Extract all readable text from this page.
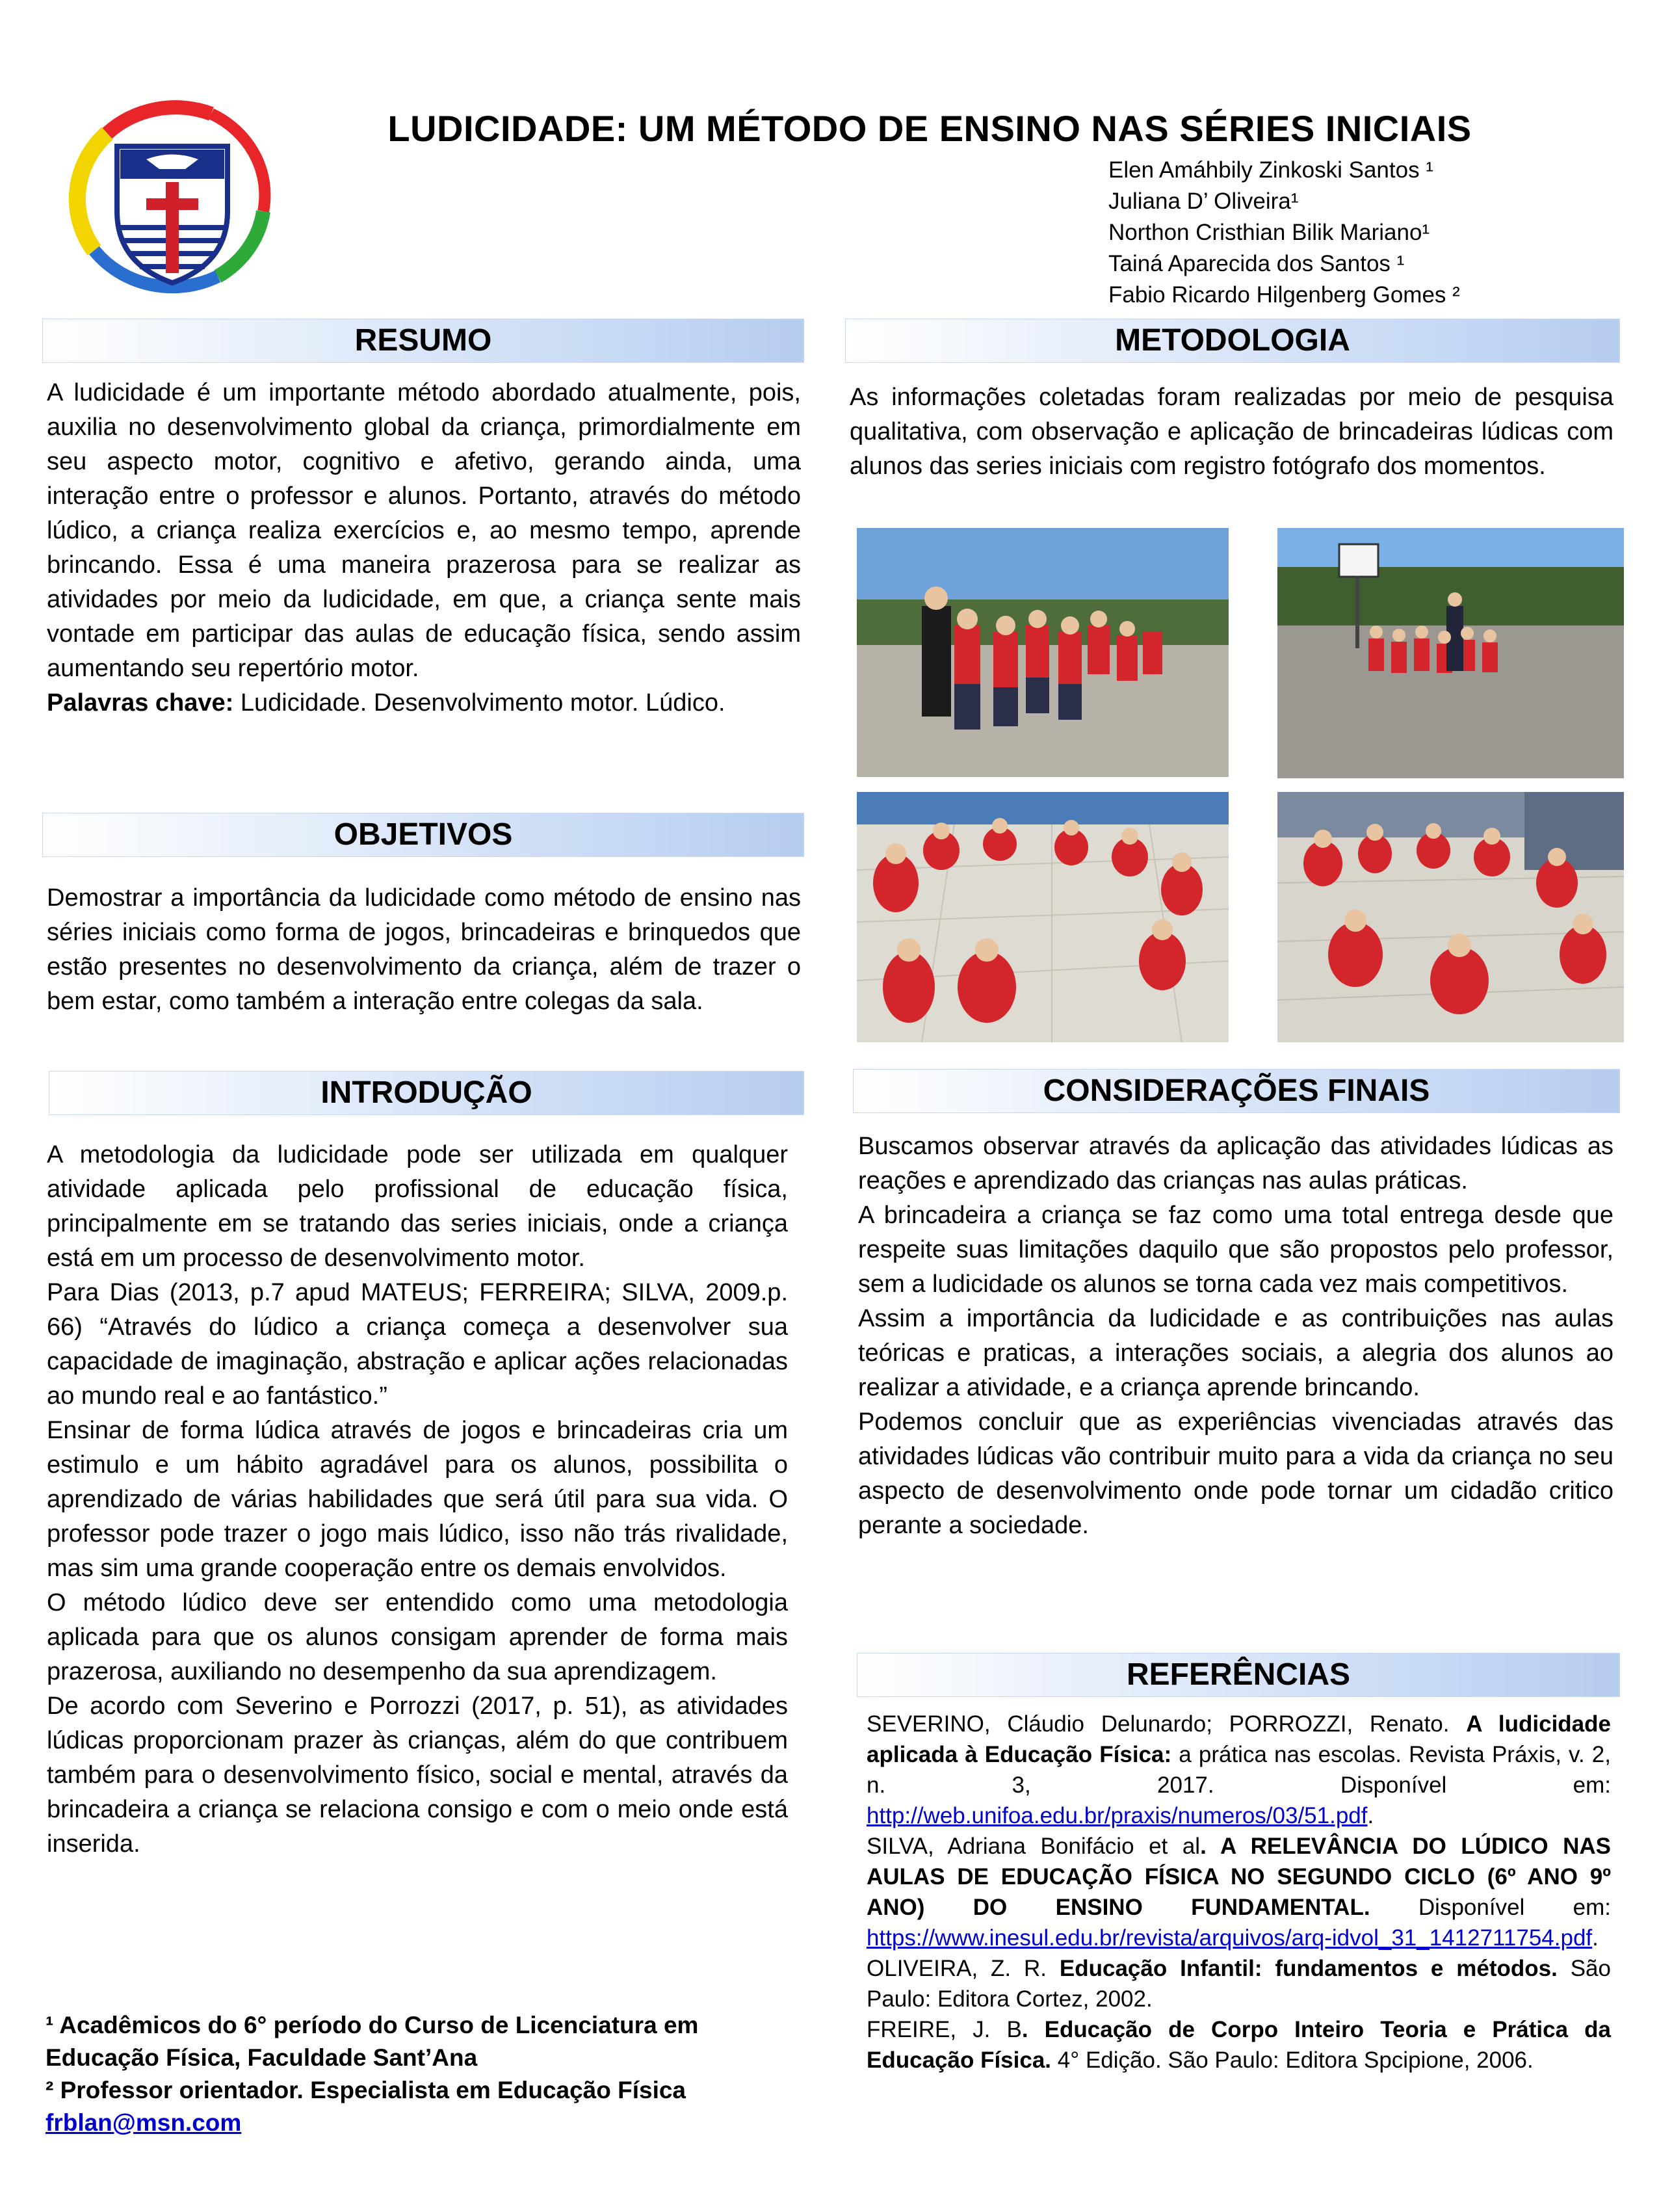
LUDICIDADE: UM MÉTODO DE ENSINO NAS SÉRIES INICIAIS
Elen Amáhbily Zinkoski Santos ¹
Juliana D’ Oliveira¹
Northon Cristhian Bilik Mariano¹
Tainá Aparecida dos Santos ¹
Fabio Ricardo Hilgenberg Gomes ²
RESUMO

A ludicidade é um importante método abordado atualmente, pois, auxilia no desenvolvimento global da criança, primordialmente em seu aspecto motor, cognitivo e afetivo, gerando ainda, uma interação entre o professor e alunos. Portanto, através do método lúdico, a criança realiza exercícios e, ao mesmo tempo, aprende brincando. Essa é uma maneira prazerosa para se realizar as atividades por meio da ludicidade, em que, a criança sente mais vontade em participar das aulas de educação física, sendo assim aumentando seu repertório motor.

Palavras chave: Ludicidade. Desenvolvimento motor. Lúdico.

OBJETIVOS

Demostrar a importância da ludicidade como método de ensino nas séries iniciais como forma de jogos, brincadeiras e brinquedos que estão presentes no desenvolvimento da criança, além de trazer o bem estar, como também a interação entre colegas da sala.

INTRODUÇÃO

A metodologia da ludicidade pode ser utilizada em qualquer atividade aplicada pelo profissional de educação física, principalmente em se tratando das series iniciais, onde a criança está em um processo de desenvolvimento motor.

Para Dias (2013, p.7 apud MATEUS; FERREIRA; SILVA, 2009.p. 66) “Através do lúdico a criança começa a desenvolver sua capacidade de imaginação, abstração e aplicar ações relacionadas ao mundo real e ao fantástico.”

Ensinar de forma lúdica através de jogos e brincadeiras cria um estimulo e um hábito agradável para os alunos, possibilita o aprendizado de várias habilidades que será útil para sua vida. O professor pode trazer o jogo mais lúdico, isso não trás rivalidade, mas sim uma grande cooperação entre os demais envolvidos.

O método lúdico deve ser entendido como uma metodologia aplicada para que os alunos consigam aprender de forma mais prazerosa, auxiliando no desempenho da sua aprendizagem.

De acordo com Severino e Porrozzi (2017, p. 51), as atividades lúdicas proporcionam prazer às crianças, além do que contribuem também para o desenvolvimento físico, social e mental, através da brincadeira a criança se relaciona consigo e com o meio onde está inserida.

¹ Acadêmicos do 6° período do Curso de Licenciatura em Educação Física, Faculdade Sant’Ana

² Professor orientador. Especialista em Educação Física

frblan@msn.com

METODOLOGIA

As informações coletadas foram realizadas por meio de pesquisa qualitativa, com observação e aplicação de brincadeiras lúdicas com alunos das series iniciais com registro fotógrafo dos momentos.

CONSIDERAÇÕES FINAIS

Buscamos observar através da aplicação das atividades lúdicas as reações e aprendizado das crianças nas aulas práticas.

A brincadeira a criança se faz como uma total entrega desde que respeite suas limitações daquilo que são propostos pelo professor, sem a ludicidade os alunos se torna cada vez mais competitivos.

Assim a importância da ludicidade e as contribuições nas aulas teóricas e praticas, a interações sociais, a alegria dos alunos ao realizar a atividade, e a criança aprende brincando.

Podemos concluir que as experiências vivenciadas através das atividades lúdicas vão contribuir muito para a vida da criança no seu aspecto de desenvolvimento onde pode tornar um cidadão critico perante a sociedade.

REFERÊNCIAS

SEVERINO, Cláudio Delunardo; PORROZZI, Renato. A ludicidade aplicada à Educação Física: a prática nas escolas. Revista Práxis, v. 2, n. 3, 2017. Disponível em: http://web.unifoa.edu.br/praxis/numeros/03/51.pdf.

SILVA, Adriana Bonifácio et al. A RELEVÂNCIA DO LÚDICO NAS AULAS DE EDUCAÇÃO FÍSICA NO SEGUNDO CICLO (6º ANO 9º ANO) DO ENSINO FUNDAMENTAL. Disponível em: https://www.inesul.edu.br/revista/arquivos/arq-idvol_31_1412711754.pdf.

OLIVEIRA, Z. R. Educação Infantil: fundamentos e métodos. São Paulo: Editora Cortez, 2002.

FREIRE, J. B. Educação de Corpo Inteiro Teoria e Prática da Educação Física. 4° Edição. São Paulo: Editora Spcipione, 2006.
